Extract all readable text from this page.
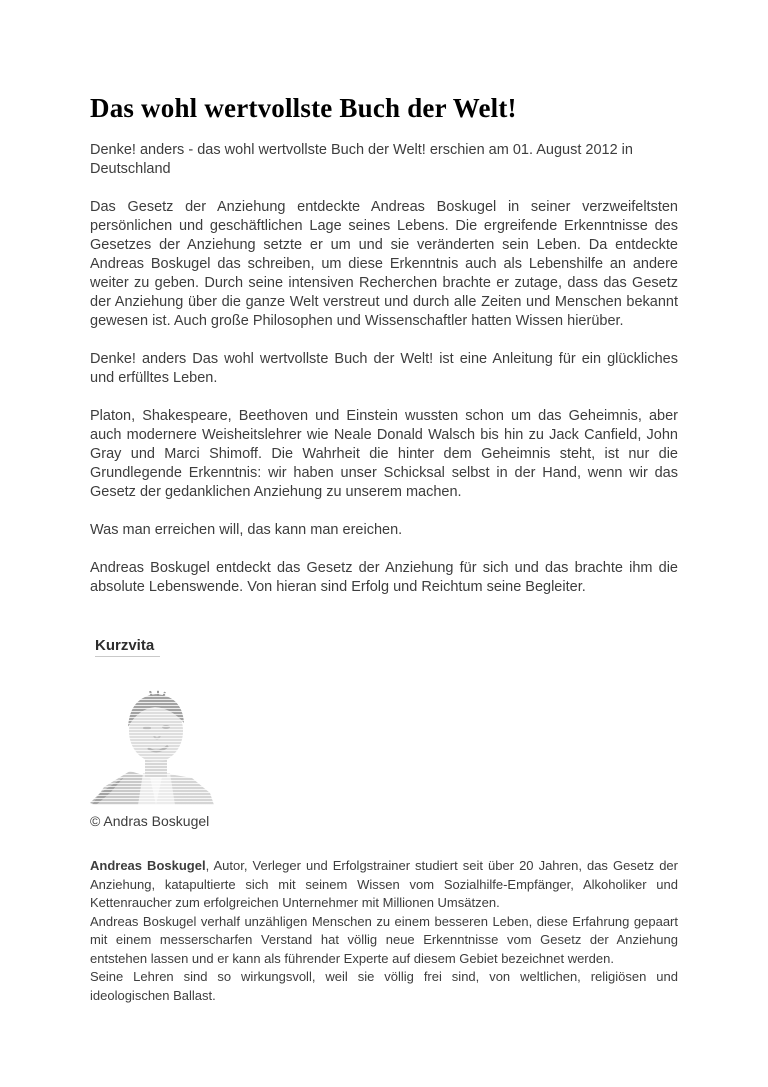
Das wohl wertvollste Buch der Welt!

Denke! anders - das wohl wertvollste Buch der Welt! erschien am 01. August 2012 in Deutschland

Das Gesetz der Anziehung entdeckte Andreas Boskugel in seiner verzweifeltsten persönlichen und geschäftlichen Lage seines Lebens. Die ergreifende Erkenntnisse des Gesetzes der Anziehung setzte er um und sie veränderten sein Leben. Da entdeckte Andreas Boskugel das schreiben, um diese Erkenntnis auch als Lebenshilfe an andere weiter zu geben. Durch seine intensiven Recherchen brachte er zutage, dass das Gesetz der Anziehung über die ganze Welt verstreut und durch alle Zeiten und Menschen bekannt gewesen ist. Auch große Philosophen und Wissenschaftler hatten Wissen hierüber.

Denke! anders Das wohl wertvollste Buch der Welt! ist eine Anleitung für ein glückliches und erfülltes Leben.

Platon, Shakespeare, Beethoven und Einstein wussten schon um das Geheimnis, aber auch modernere Weisheitslehrer wie Neale Donald Walsch bis hin zu Jack Canfield, John Gray und Marci Shimoff. Die Wahrheit die hinter dem Geheimnis steht, ist nur die Grundlegende Erkenntnis: wir haben unser Schicksal selbst in der Hand, wenn wir das Gesetz der gedanklichen Anziehung zu unserem machen.

Was man erreichen will, das kann man ereichen.

Andreas Boskugel entdeckt das Gesetz der Anziehung für sich und das brachte ihm die absolute Lebenswende. Von hieran sind Erfolg und Reichtum seine Begleiter.

Kurzvita
© Andras Boskugel

Andreas Boskugel, Autor, Verleger und Erfolgstrainer studiert seit über 20 Jahren, das Gesetz der Anziehung, katapultierte sich mit seinem Wissen vom Sozialhilfe-Empfänger, Alkoholiker und Kettenraucher zum erfolgreichen Unternehmer mit Millionen Umsätzen.

Andreas Boskugel verhalf unzähligen Menschen zu einem besseren Leben, diese Erfahrung gepaart mit einem messerscharfen Verstand hat völlig neue Erkenntnisse vom Gesetz der Anziehung entstehen lassen und er kann als führender Experte auf diesem Gebiet bezeichnet werden.

Seine Lehren sind so wirkungsvoll, weil sie völlig frei sind, von weltlichen, religiösen und ideologischen Ballast.
